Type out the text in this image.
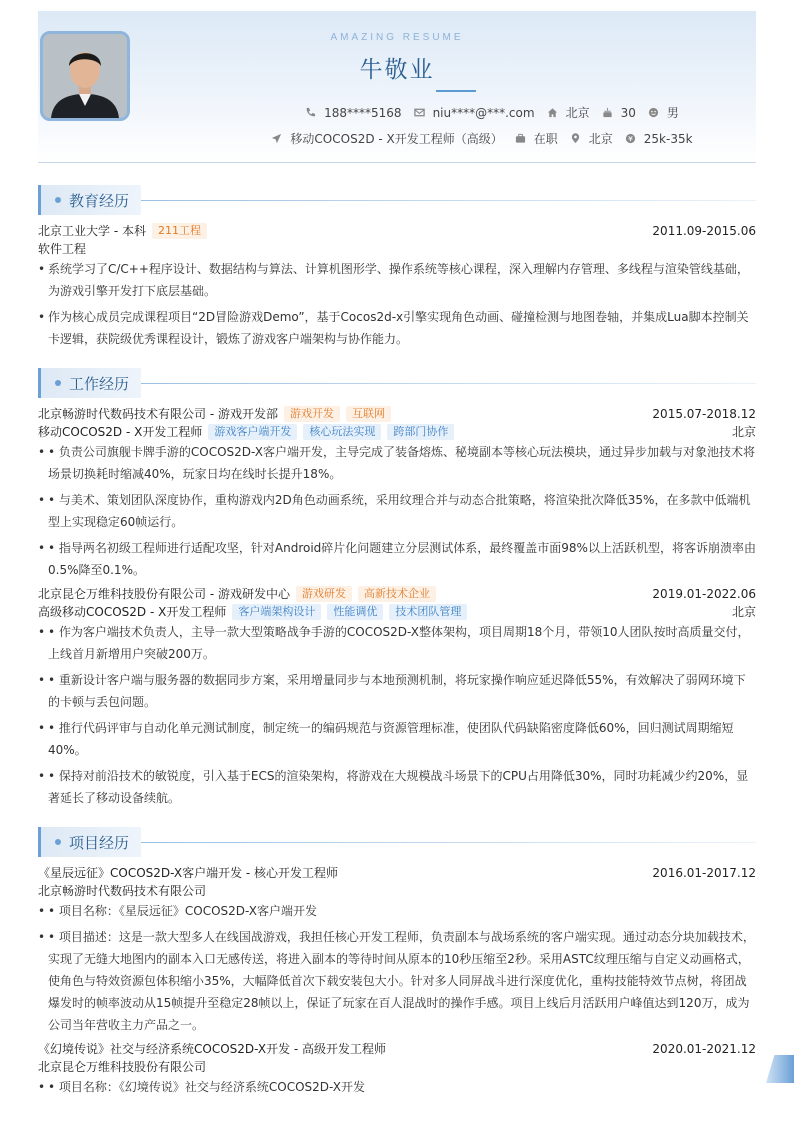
AMAZING RESUME
牛敬业
188****5168	niu****@***.com	北京	30	男
移动COCOS2D - X开发工程师（高级）	在职	北京	25k-35k
教育经历
北京工业大学 - 本科	211工程	2011.09-2015.06
软件工程
• 系统学习了C/C++程序设计、数据结构与算法、计算机图形学、操作系统等核心课程，深入理解内存管理、多线程与渲染管线基础，为游戏引擎开发打下底层基础。
• 作为核心成员完成课程项目“2D冒险游戏Demo”，基于Cocos2d-x引擎实现角色动画、碰撞检测与地图卷轴，并集成Lua脚本控制关卡逻辑，获院级优秀课程设计，锻炼了游戏客户端架构与协作能力。
工作经历
北京畅游时代数码技术有限公司 - 游戏开发部	游戏开发	互联网	2015.07-2018.12
移动COCOS2D - X开发工程师	游戏客户端开发	核心玩法实现	跨部门协作	北京
• • 负责公司旗舰卡牌手游的COCOS2D-X客户端开发，主导完成了装备熔炼、秘境副本等核心玩法模块，通过异步加载与对象池技术将场景切换耗时缩减40%，玩家日均在线时长提升18%。
• • 与美术、策划团队深度协作，重构游戏内2D角色动画系统，采用纹理合并与动态合批策略，将渲染批次降低35%，在多款中低端机型上实现稳定60帧运行。
• • 指导两名初级工程师进行适配攻坚，针对Android碎片化问题建立分层测试体系，最终覆盖市面98%以上活跃机型，将客诉崩溃率由0.5%降至0.1%。
北京昆仑万维科技股份有限公司 - 游戏研发中心	游戏研发	高新技术企业	2019.01-2022.06
高级移动COCOS2D - X开发工程师	客户端架构设计	性能调优	技术团队管理	北京
• • 作为客户端技术负责人，主导一款大型策略战争手游的COCOS2D-X整体架构，项目周期18个月，带领10人团队按时高质量交付，上线首月新增用户突破200万。
• • 重新设计客户端与服务器的数据同步方案，采用增量同步与本地预测机制，将玩家操作响应延迟降低55%，有效解决了弱网环境下的卡顿与丢包问题。
• • 推行代码评审与自动化单元测试制度，制定统一的编码规范与资源管理标准，使团队代码缺陷密度降低60%，回归测试周期缩短40%。
• • 保持对前沿技术的敏锐度，引入基于ECS的渲染架构，将游戏在大规模战斗场景下的CPU占用降低30%，同时功耗减少约20%，显著延长了移动设备续航。
项目经历
《星辰远征》COCOS2D-X客户端开发 - 核心开发工程师	2016.01-2017.12
北京畅游时代数码技术有限公司
• • 项目名称：《星辰远征》COCOS2D-X客户端开发
• • 项目描述：这是一款大型多人在线国战游戏，我担任核心开发工程师，负责副本与战场系统的客户端实现。通过动态分块加载技术，实现了无缝大地图内的副本入口无感传送，将进入副本的等待时间从原本的10秒压缩至2秒。采用ASTC纹理压缩与自定义动画格式，使角色与特效资源包体积缩小35%，大幅降低首次下载安装包大小。针对多人同屏战斗进行深度优化，重构技能特效节点树，将团战爆发时的帧率波动从15帧提升至稳定28帧以上，保证了玩家在百人混战时的操作手感。项目上线后月活跃用户峰值达到120万，成为公司当年营收主力产品之一。
《幻境传说》社交与经济系统COCOS2D-X开发 - 高级开发工程师	2020.01-2021.12
北京昆仑万维科技股份有限公司
• • 项目名称：《幻境传说》社交与经济系统COCOS2D-X开发
